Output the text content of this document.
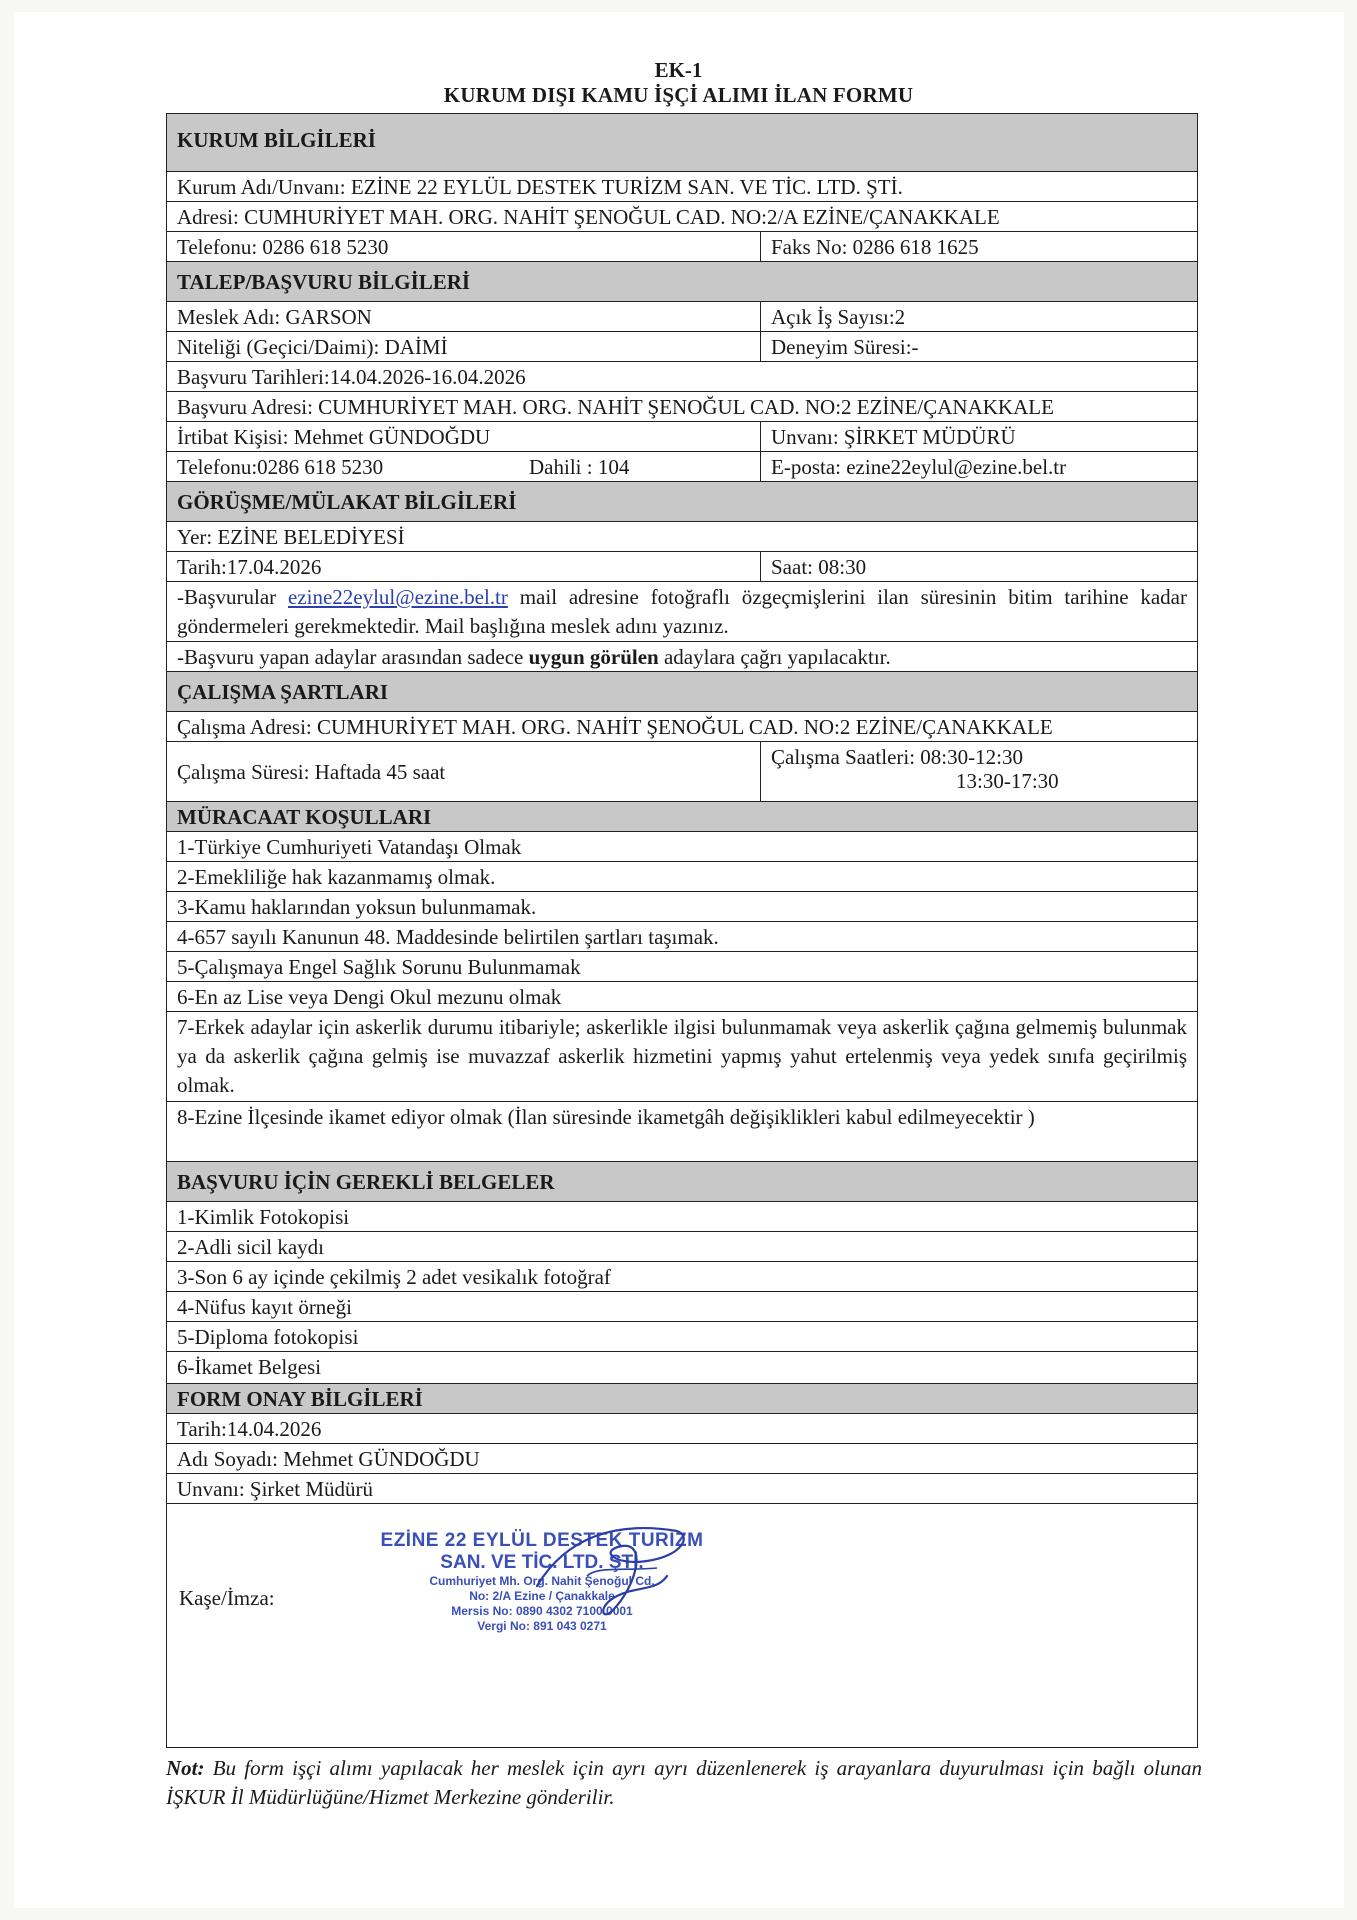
EK-1
KURUM DIŞI KAMU İŞÇİ ALIMI İLAN FORMU
KURUM BİLGİLERİ
Kurum Adı/Unvanı: EZİNE 22 EYLÜL DESTEK TURİZM SAN. VE TİC. LTD. ŞTİ.
Adresi: CUMHURİYET MAH. ORG. NAHİT ŞENOĞUL CAD. NO:2/A EZİNE/ÇANAKKALE
Telefonu: 0286 618 5230	Faks No: 0286 618 1625
TALEP/BAŞVURU BİLGİLERİ
Meslek Adı: GARSON	Açık İş Sayısı:2
Niteliği (Geçici/Daimi): DAİMİ	Deneyim Süresi:-
Başvuru Tarihleri:14.04.2026-16.04.2026
Başvuru Adresi: CUMHURİYET MAH. ORG. NAHİT ŞENOĞUL CAD. NO:2 EZİNE/ÇANAKKALE
İrtibat Kişisi: Mehmet GÜNDOĞDU	Unvanı: ŞİRKET MÜDÜRÜ
Telefonu:0286 618 5230	Dahili : 104	E-posta: ezine22eylul@ezine.bel.tr
GÖRÜŞME/MÜLAKAT BİLGİLERİ
Yer: EZİNE BELEDİYESİ
Tarih:17.04.2026	Saat: 08:30
-Başvurular ezine22eylul@ezine.bel.tr mail adresine fotoğraflı özgeçmişlerini ilan süresinin bitim tarihine kadar göndermeleri gerekmektedir. Mail başlığına meslek adını yazınız.
-Başvuru yapan adaylar arasından sadece uygun görülen adaylara çağrı yapılacaktır.
ÇALIŞMA ŞARTLARI
Çalışma Adresi: CUMHURİYET MAH. ORG. NAHİT ŞENOĞUL CAD. NO:2 EZİNE/ÇANAKKALE
Çalışma Süresi: Haftada 45 saat
Çalışma Saatleri: 08:30-12:30
13:30-17:30
MÜRACAAT KOŞULLARI
1-Türkiye Cumhuriyeti Vatandaşı Olmak
2-Emekliliğe hak kazanmamış olmak.
3-Kamu haklarından yoksun bulunmamak.
4-657 sayılı Kanunun 48. Maddesinde belirtilen şartları taşımak.
5-Çalışmaya Engel Sağlık Sorunu Bulunmamak
6-En az Lise veya Dengi Okul mezunu olmak
7-Erkek adaylar için askerlik durumu itibariyle; askerlikle ilgisi bulunmamak veya askerlik çağına gelmemiş bulunmak ya da askerlik çağına gelmiş ise muvazzaf askerlik hizmetini yapmış yahut ertelenmiş veya yedek sınıfa geçirilmiş olmak.
8-Ezine İlçesinde ikamet ediyor olmak (İlan süresinde ikametgâh değişiklikleri kabul edilmeyecektir )
BAŞVURU İÇİN GEREKLİ BELGELER
1-Kimlik Fotokopisi
2-Adli sicil kaydı
3-Son 6 ay içinde çekilmiş 2 adet vesikalık fotoğraf
4-Nüfus kayıt örneği
5-Diploma fotokopisi
6-İkamet Belgesi
FORM ONAY BİLGİLERİ
Tarih:14.04.2026
Adı Soyadı: Mehmet GÜNDOĞDU
Unvanı: Şirket Müdürü
Kaşe/İmza:
EZİNE 22 EYLÜL DESTEK TURİZM
SAN. VE TİC. LTD. ŞTİ.
Cumhuriyet Mh. Org. Nahit Şenoğul Cd.
No: 2/A Ezine / Çanakkale
Mersis No: 0890 4302 7100 0001
Vergi No: 891 043 0271
Not: Bu form işçi alımı yapılacak her meslek için ayrı ayrı düzenlenerek iş arayanlara duyurulması için bağlı olunan İŞKUR İl Müdürlüğüne/Hizmet Merkezine gönderilir.
